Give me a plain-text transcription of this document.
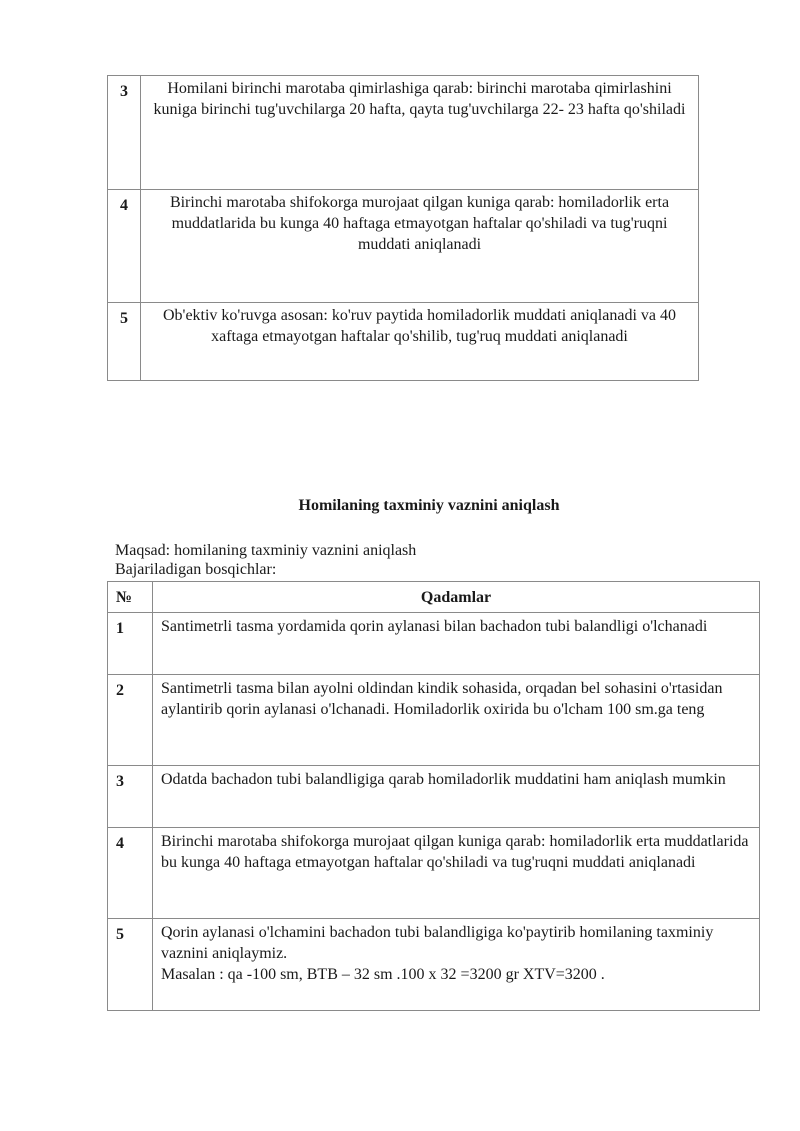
3	Homilani birinchi marotaba qimirlashiga qarab: birinchi marotaba qimirlashini kuniga birinchi tug'uvchilarga 20 hafta, qayta tug'uvchilarga 22- 23 hafta qo'shiladi
4	Birinchi marotaba shifokorga murojaat qilgan kuniga qarab: homiladorlik erta muddatlarida bu kunga 40 haftaga etmayotgan haftalar qo'shiladi va tug'ruqni muddati aniqlanadi
5	Ob'ektiv ko'ruvga asosan: ko'ruv paytida homiladorlik muddati aniqlanadi va 40 xaftaga etmayotgan haftalar qo'shilib, tug'ruq muddati aniqlanadi
Homilaning taxminiy vaznini aniqlash
Maqsad: homilaning taxminiy vaznini aniqlash
Bajariladigan bosqichlar:
№	Qadamlar
1	Santimetrli tasma yordamida qorin aylanasi bilan bachadon tubi balandligi o'lchanadi

2	Santimetrli tasma bilan ayolni oldindan kindik sohasida, orqadan bel sohasini o'rtasidan aylantirib qorin aylanasi o'lchanadi. Homiladorlik oxirida bu o'lcham 100 sm.ga teng

3	Odatda bachadon tubi balandligiga qarab homiladorlik muddatini ham aniqlash mumkin

4	Birinchi marotaba shifokorga murojaat qilgan kuniga qarab: homiladorlik erta muddatlarida bu kunga 40 haftaga etmayotgan haftalar qo'shiladi va tug'ruqni muddati aniqlanadi

5	Qorin aylanasi o'lchamini bachadon tubi balandligiga ko'paytirib homilaning taxminiy vaznini aniqlaymiz.
Masalan : qa -100 sm, BTB – 32 sm .100 x 32 =3200 gr XTV=3200 .
